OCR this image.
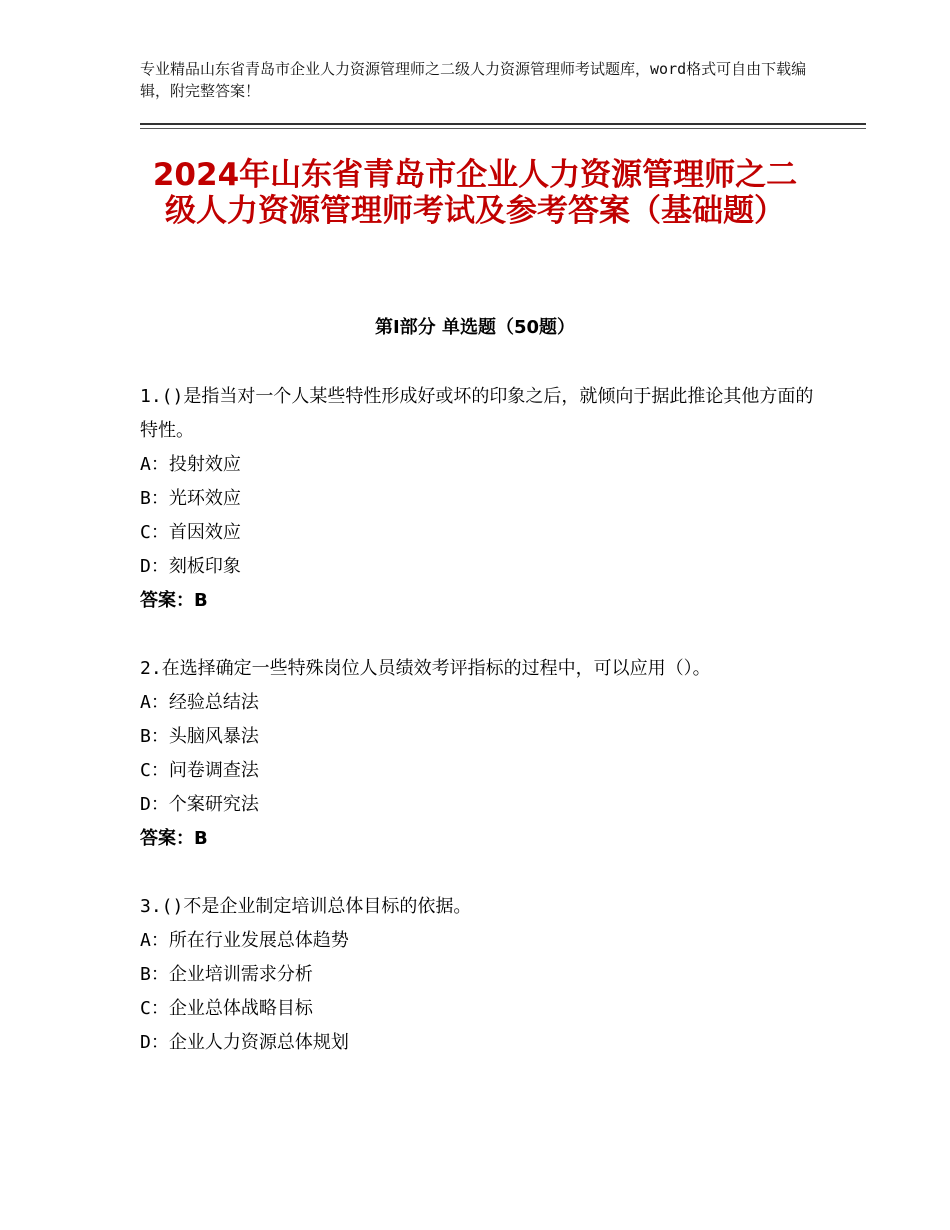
专业精品山东省青岛市企业人力资源管理师之二级人力资源管理师考试题库，word格式可自由下载编辑，附完整答案！
2024年山东省青岛市企业人力资源管理师之二级人力资源管理师考试及参考答案（基础题）
第Ⅰ部分 单选题（50题）

1.()是指当对一个人某些特性形成好或坏的印象之后，就倾向于据此推论其他方面的特性。

A：投射效应

B：光环效应

C：首因效应

D：刻板印象

答案：B

2.在选择确定一些特殊岗位人员绩效考评指标的过程中，可以应用（）。

A：经验总结法

B：头脑风暴法

C：问卷调查法

D：个案研究法

答案：B

3.()不是企业制定培训总体目标的依据。

A：所在行业发展总体趋势

B：企业培训需求分析

C：企业总体战略目标

D：企业人力资源总体规划
